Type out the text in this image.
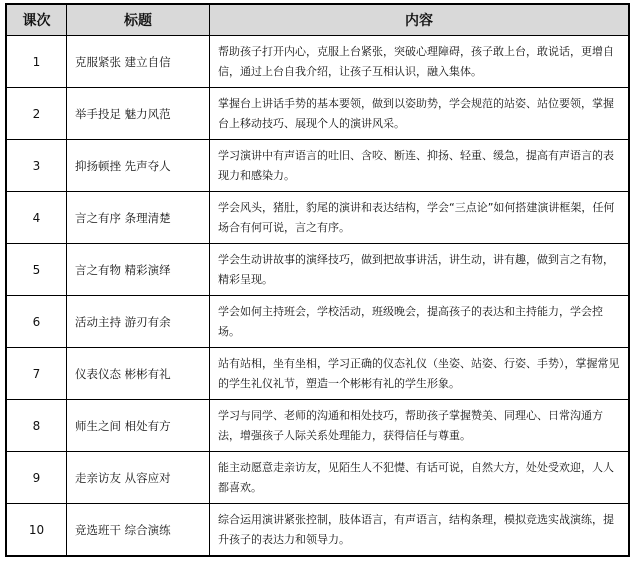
课次	标题	内容
1	克服紧张 建立自信	帮助孩子打开内心，克服上台紧张，突破心理障碍，孩子敢上台，敢说话，更增自信，通过上台自我介绍，让孩子互相认识，融入集体。
2	举手投足 魅力风范	掌握台上讲话手势的基本要领，做到以姿助势，学会规范的站姿、站位要领，掌握台上移动技巧、展现个人的演讲风采。
3	抑扬顿挫 先声夺人	学习演讲中有声语言的吐旧、含咬、断连、抑扬、轻重、缓急，提高有声语言的表现力和感染力。
4	言之有序 条理清楚	学会风头，猪肚，豹尾的演讲和表达结构，学会“三点论”如何搭建演讲框架，任何场合有何可说，言之有序。
5	言之有物 精彩演绎	学会生动讲故事的演绎技巧，做到把故事讲活，讲生动，讲有趣，做到言之有物，精彩呈现。
6	活动主持 游刃有余	学会如何主持班会，学校活动，班级晚会，提高孩子的表达和主持能力，学会控场。
7	仪表仪态 彬彬有礼	站有站相，坐有坐相，学习正确的仪态礼仪（坐姿、站姿、行姿、手势），掌握常见的学生礼仪礼节，塑造一个彬彬有礼的学生形象。
8	师生之间 相处有方	学习与同学、老师的沟通和相处技巧，帮助孩子掌握赞美、同理心、日常沟通方法，增强孩子人际关系处理能力，获得信任与尊重。
9	走亲访友 从容应对	能主动愿意走亲访友，见陌生人不犯憷、有话可说，自然大方，处处受欢迎，人人都喜欢。
10	竞选班干 综合演练	综合运用演讲紧张控制，肢体语言，有声语言，结构条理，模拟竞选实战演练，提升孩子的表达力和领导力。
